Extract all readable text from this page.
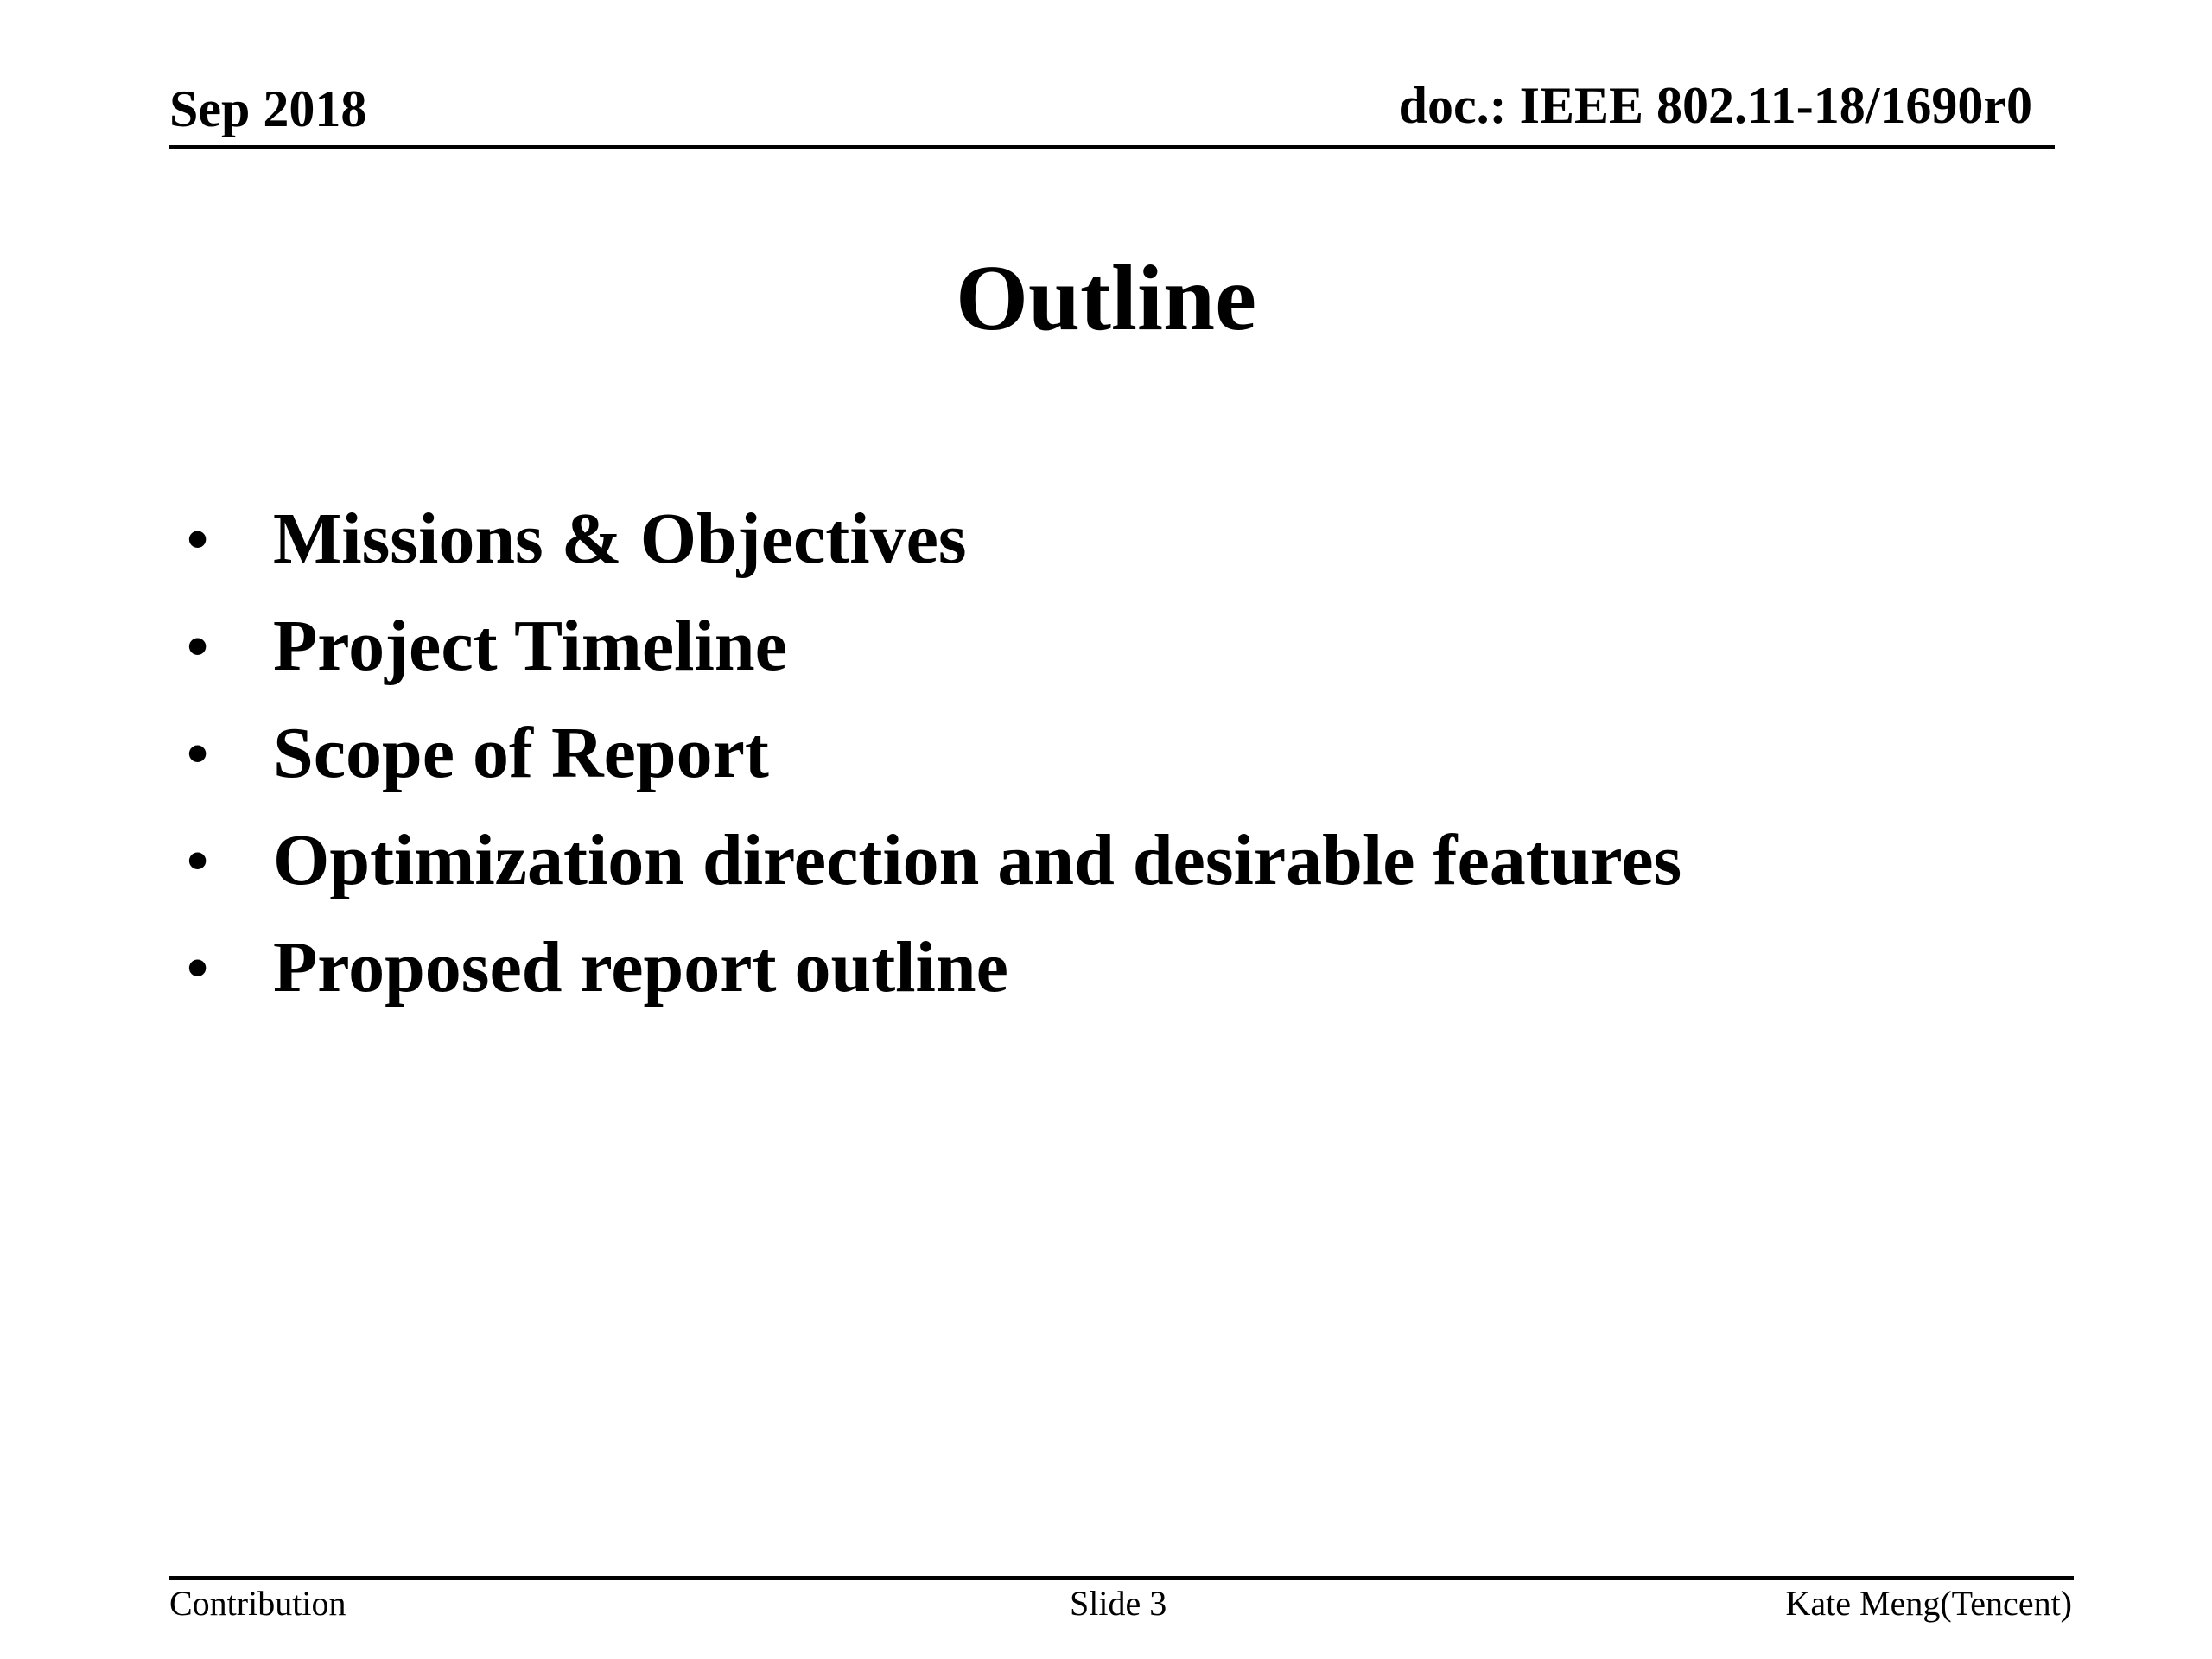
Sep 2018	doc.: IEEE 802.11-18/1690r0
Outline
• Missions & Objectives
• Project Timeline
• Scope of Report
• Optimization direction and desirable features
• Proposed report outline
Contribution	Slide 3	Kate Meng(Tencent)
